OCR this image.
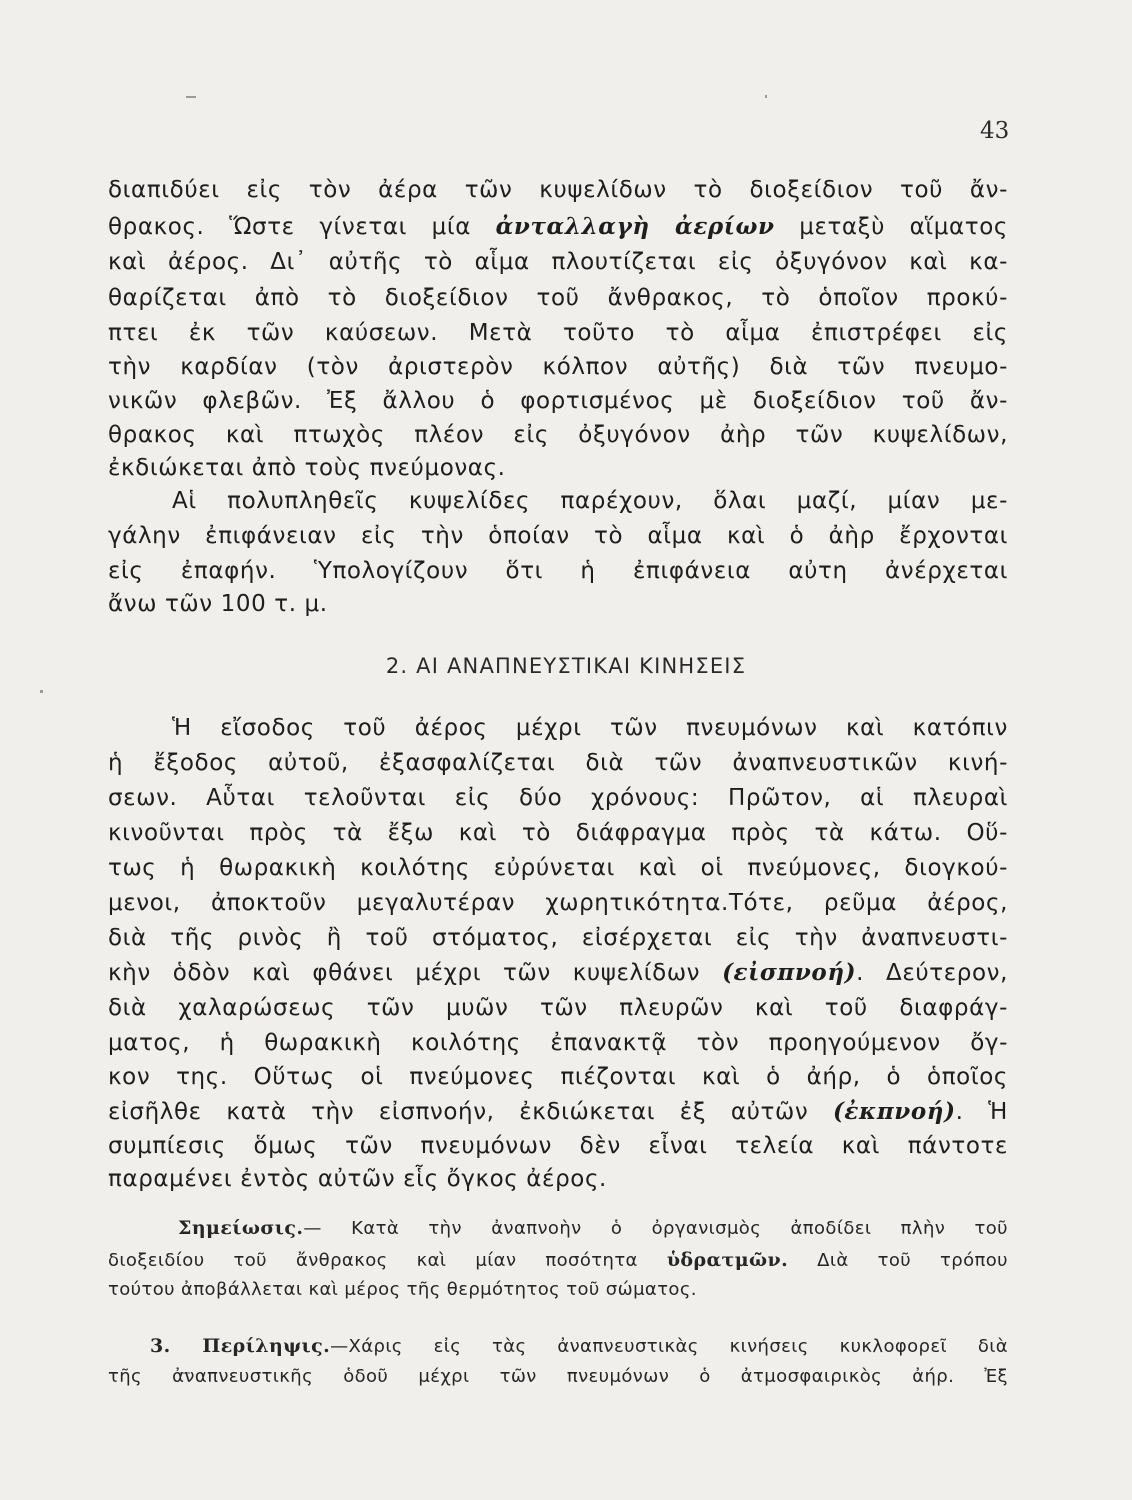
43
διαπιδύει εἰς τὸν ἀέρα τῶν κυψελίδων τὸ διοξείδιον τοῦ ἄν-
θρακος. Ὥστε γίνεται μία ἀνταλλαγὴ ἀερίων μεταξὺ αἵματος
καὶ ἀέρος. Δι᾽ αὐτῆς τὸ αἷμα πλουτίζεται εἰς ὀξυγόνον καὶ κα-
θαρίζεται ἀπὸ τὸ διοξείδιον τοῦ ἄνθρακος, τὸ ὁποῖον προκύ-
πτει ἐκ τῶν καύσεων. Μετὰ τοῦτο τὸ αἷμα ἐπιστρέφει εἰς
τὴν καρδίαν (τὸν ἀριστερὸν κόλπον αὐτῆς) διὰ τῶν πνευμο-
νικῶν φλεβῶν. Ἐξ ἄλλου ὁ φορτισμένος μὲ διοξείδιον τοῦ ἄν-
θρακος καὶ πτωχὸς πλέον εἰς ὀξυγόνον ἀὴρ τῶν κυψελίδων,
ἐκδιώκεται ἀπὸ τοὺς πνεύμονας.
Αἱ πολυπληθεῖς κυψελίδες παρέχουν, ὅλαι μαζί, μίαν με-
γάλην ἐπιφάνειαν εἰς τὴν ὁποίαν τὸ αἷμα καὶ ὁ ἀὴρ ἔρχονται
εἰς ἐπαφήν. Ὑπολογίζουν ὅτι ἡ ἐπιφάνεια αὐτη ἀνέρχεται
ἄνω τῶν 100 τ. μ.
2. ΑΙ ΑΝΑΠΝΕΥΣΤΙΚΑΙ ΚΙΝΗΣΕΙΣ
Ἡ εἴσοδος τοῦ ἀέρος μέχρι τῶν πνευμόνων καὶ κατόπιν
ἡ ἔξοδος αὐτοῦ, ἐξασφαλίζεται διὰ τῶν ἀναπνευστικῶν κινή-
σεων. Αὗται τελοῦνται εἰς δύο χρόνους: Πρῶτον, αἱ πλευραὶ
κινοῦνται πρὸς τὰ ἔξω καὶ τὸ διάφραγμα πρὸς τὰ κάτω. Οὕ-
τως ἡ θωρακικὴ κοιλότης εὐρύνεται καὶ οἱ πνεύμονες, διογκού-
μενοι, ἀποκτοῦν μεγαλυτέραν χωρητικότητα.Τότε, ρεῦμα ἀέρος,
διὰ τῆς ρινὸς ἢ τοῦ στόματος, εἰσέρχεται εἰς τὴν ἀναπνευστι-
κὴν ὁδὸν καὶ φθάνει μέχρι τῶν κυψελίδων (εἰσπνοή). Δεύτερον,
διὰ χαλαρώσεως τῶν μυῶν τῶν πλευρῶν καὶ τοῦ διαφράγ-
ματος, ἡ θωρακικὴ κοιλότης ἐπανακτᾷ τὸν προηγούμενον ὄγ-
κον της. Οὕτως οἱ πνεύμονες πιέζονται καὶ ὁ ἀήρ, ὁ ὁποῖος
εἰσῆλθε κατὰ τὴν εἰσπνοήν, ἐκδιώκεται ἐξ αὐτῶν (ἐκπνοή). Ἡ
συμπίεσις ὅμως τῶν πνευμόνων δὲν εἶναι τελεία καὶ πάντοτε
παραμένει ἐντὸς αὐτῶν εἷς ὄγκος ἀέρος.
Σημείωσις.— Κατὰ τὴν ἀναπνοὴν ὁ ὀργανισμὸς ἀποδίδει πλὴν τοῦ
διοξειδίου τοῦ ἄνθρακος καὶ μίαν ποσότητα ὑδρατμῶν. Διὰ τοῦ τρόπου
τούτου ἀποβάλλεται καὶ μέρος τῆς θερμότητος τοῦ σώματος.
3. Περίληψις.—Χάρις εἰς τὰς ἀναπνευστικὰς κινήσεις κυκλοφορεῖ διὰ
τῆς ἀναπνευστικῆς ὁδοῦ μέχρι τῶν πνευμόνων ὁ ἀτμοσφαιρικὸς ἀήρ. Ἐξ
